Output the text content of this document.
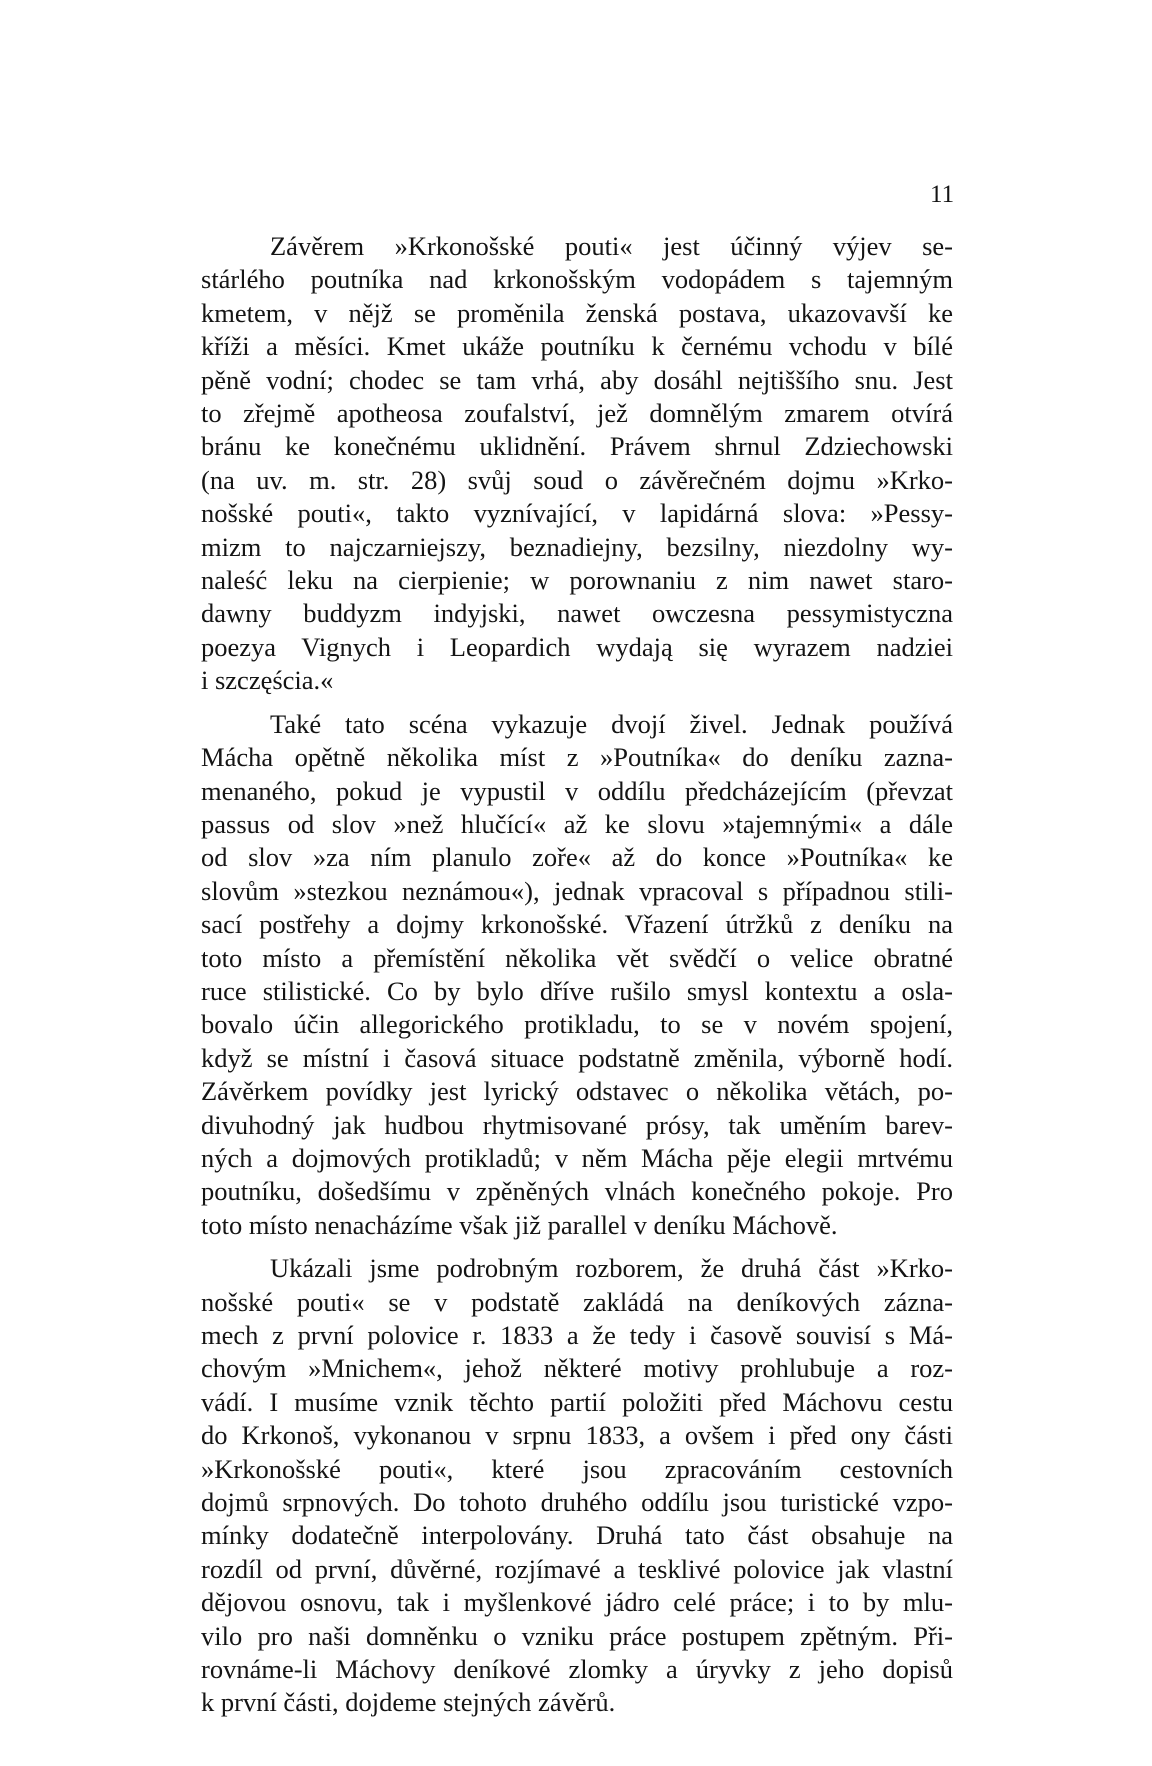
11

Závěrem »Krkonošské pouti« jest účinný výjev se-
stárlého poutníka nad krkonošským vodopádem s tajemným
kmetem, v nějž se proměnila ženská postava, ukazovavší ke
kříži a měsíci. Kmet ukáže poutníku k černému vchodu v bílé
pěně vodní; chodec se tam vrhá, aby dosáhl nejtiššího snu. Jest
to zřejmě apotheosa zoufalství, jež domnělým zmarem otvírá
bránu ke konečnému uklidnění. Právem shrnul Zdziechowski
(na uv. m. str. 28) svůj soud o závěrečném dojmu »Krko-
nošské pouti«, takto vyznívající, v lapidárná slova: »Pessy-
mizm to najczarniejszy, beznadiejny, bezsilny, niezdolny wy-
naleść leku na cierpienie; w porownaniu z nim nawet staro-
dawny buddyzm indyjski, nawet owczesna pessymistyczna
poezya Vignych i Leopardich wydają się wyrazem nadziei
i szczęścia.«

Také tato scéna vykazuje dvojí živel. Jednak používá
Mácha opětně několika míst z »Poutníka« do deníku zazna-
menaného, pokud je vypustil v oddílu předcházejícím (převzat
passus od slov »než hlučící« až ke slovu »tajemnými« a dále
od slov »za ním planulo zoře« až do konce »Poutníka« ke
slovům »stezkou neznámou«), jednak vpracoval s případnou stili-
sací postřehy a dojmy krkonošské. Vřazení útržků z deníku na
toto místo a přemístění několika vět svědčí o velice obratné
ruce stilistické. Co by bylo dříve rušilo smysl kontextu a osla-
bovalo účin allegorického protikladu, to se v novém spojení,
když se místní i časová situace podstatně změnila, výborně hodí.
Závěrkem povídky jest lyrický odstavec o několika větách, po-
divuhodný jak hudbou rhytmisované prósy, tak uměním barev-
ných a dojmových protikladů; v něm Mácha pěje elegii mrtvému
poutníku, došedšímu v zpěněných vlnách konečného pokoje. Pro
toto místo nenacházíme však již parallel v deníku Máchově.

Ukázali jsme podrobným rozborem, že druhá část »Krko-
nošské pouti« se v podstatě zakládá na deníkových zázna-
mech z první polovice r. 1833 a že tedy i časově souvisí s Má-
chovým »Mnichem«, jehož některé motivy prohlubuje a roz-
vádí. I musíme vznik těchto partií položiti před Máchovu cestu
do Krkonoš, vykonanou v srpnu 1833, a ovšem i před ony části
»Krkonošské pouti«, které jsou zpracováním cestovních
dojmů srpnových. Do tohoto druhého oddílu jsou turistické vzpo-
mínky dodatečně interpolovány. Druhá tato část obsahuje na
rozdíl od první, důvěrné, rozjímavé a tesklivé polovice jak vlastní
dějovou osnovu, tak i myšlenkové jádro celé práce; i to by mlu-
vilo pro naši domněnku o vzniku práce postupem zpětným. Při-
rovnáme-li Máchovy deníkové zlomky a úryvky z jeho dopisů
k první části, dojdeme stejných závěrů.
